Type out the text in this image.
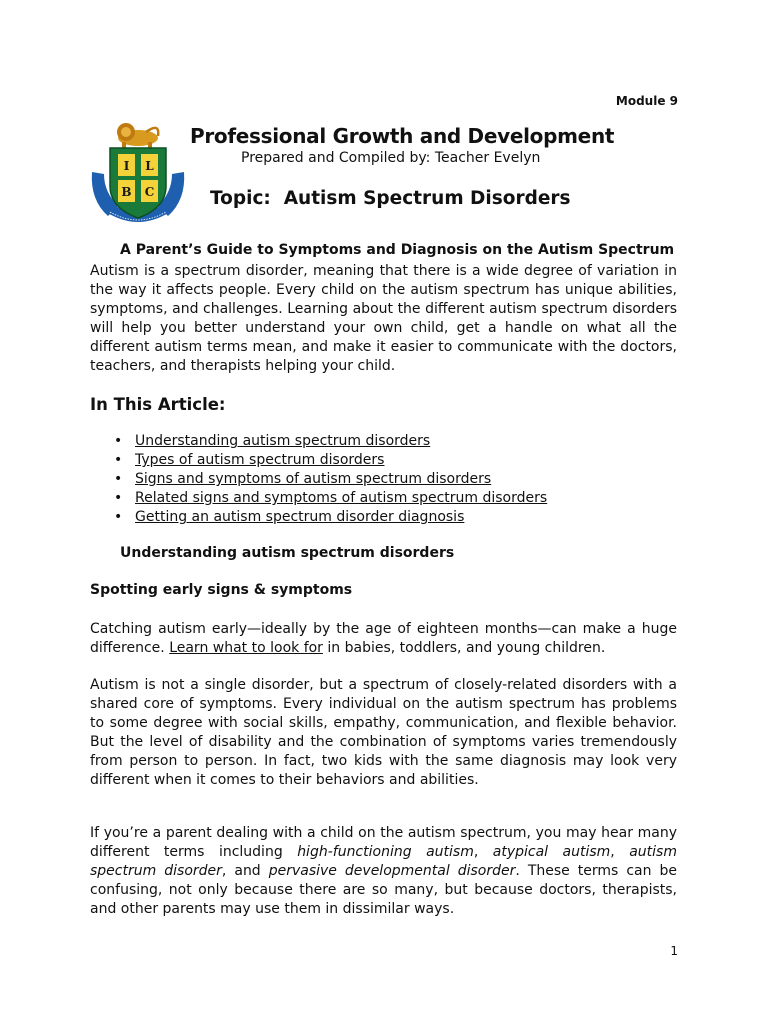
Module 9
I L
B C
Professional Growth and Development
Prepared and Compiled by: Teacher Evelyn
Topic:  Autism Spectrum Disorders
A Parent’s Guide to Symptoms and Diagnosis on the Autism Spectrum

Autism is a spectrum disorder, meaning that there is a wide degree of variation in the way it affects people. Every child on the autism spectrum has unique abilities, symptoms, and challenges. Learning about the different autism spectrum disorders will help you better understand your own child, get a handle on what all the different autism terms mean, and make it easier to communicate with the doctors, teachers, and therapists helping your child.

In This Article:
• Understanding autism spectrum disorders
• Types of autism spectrum disorders
• Signs and symptoms of autism spectrum disorders
• Related signs and symptoms of autism spectrum disorders
• Getting an autism spectrum disorder diagnosis
Understanding autism spectrum disorders
Spotting early signs & symptoms

Catching autism early—ideally by the age of eighteen months—can make a huge difference. Learn what to look for in babies, toddlers, and young children.

Autism is not a single disorder, but a spectrum of closely-related disorders with a shared core of symptoms. Every individual on the autism spectrum has problems to some degree with social skills, empathy, communication, and flexible behavior. But the level of disability and the combination of symptoms varies tremendously from person to person. In fact, two kids with the same diagnosis may look very different when it comes to their behaviors and abilities.

If you’re a parent dealing with a child on the autism spectrum, you may hear many different terms including high-functioning autism, atypical autism, autism spectrum disorder, and pervasive developmental disorder. These terms can be confusing, not only because there are so many, but because doctors, therapists, and other parents may use them in dissimilar ways.

1
